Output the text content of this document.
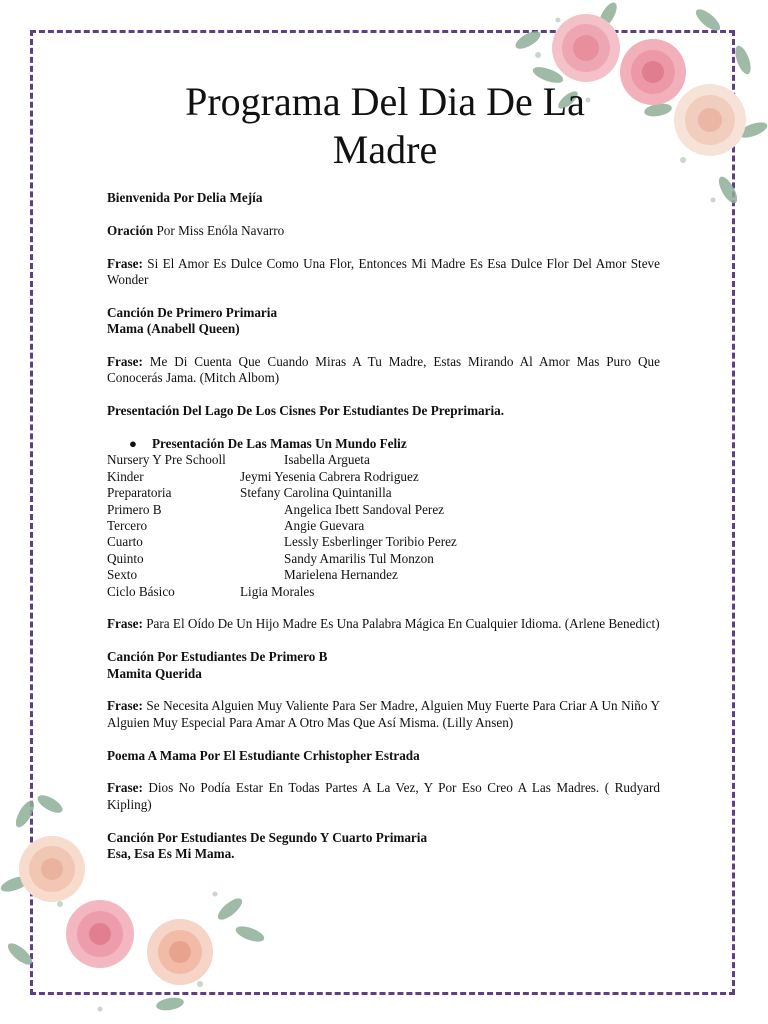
Programa Del Dia De La
Madre

Bienvenida Por Delia Mejía

Oración Por Miss Enóla Navarro

Frase: Si El Amor Es Dulce Como Una Flor, Entonces Mi Madre Es Esa Dulce Flor Del Amor Steve Wonder

Canción De Primero Primaria
Mama (Anabell Queen)

Frase: Me Di Cuenta Que Cuando Miras A Tu Madre, Estas Mirando Al Amor Mas Puro Que Conocerás Jama. (Mitch Albom)

Presentación Del Lago De Los Cisnes Por Estudiantes De Preprimaria.

● Presentación De Las Mamas Un Mundo Feliz

Nursery Y Pre Schooll	Isabella Argueta
Kinder	Jeymi Yesenia Cabrera Rodriguez
Preparatoria	Stefany Carolina Quintanilla
Primero B	Angelica Ibett Sandoval Perez
Tercero	Angie Guevara
Cuarto	Lessly Esberlinger Toribio Perez
Quinto	Sandy Amarilis Tul Monzon
Sexto	Marielena Hernandez
Ciclo Básico	Ligia Morales

Frase: Para El Oído De Un Hijo Madre Es Una Palabra Mágica En Cualquier Idioma. (Arlene Benedict)

Canción Por Estudiantes De Primero B
Mamita Querida

Frase: Se Necesita Alguien Muy Valiente Para Ser Madre, Alguien Muy Fuerte Para Criar A Un Niño Y Alguien Muy Especial Para Amar A Otro Mas Que Así Misma. (Lilly Ansen)

Poema A Mama Por El Estudiante Crhistopher Estrada

Frase: Dios No Podía Estar En Todas Partes A La Vez, Y Por Eso Creo A Las Madres. ( Rudyard Kipling)

Canción Por Estudiantes De Segundo Y Cuarto Primaria
Esa, Esa Es Mi Mama.
